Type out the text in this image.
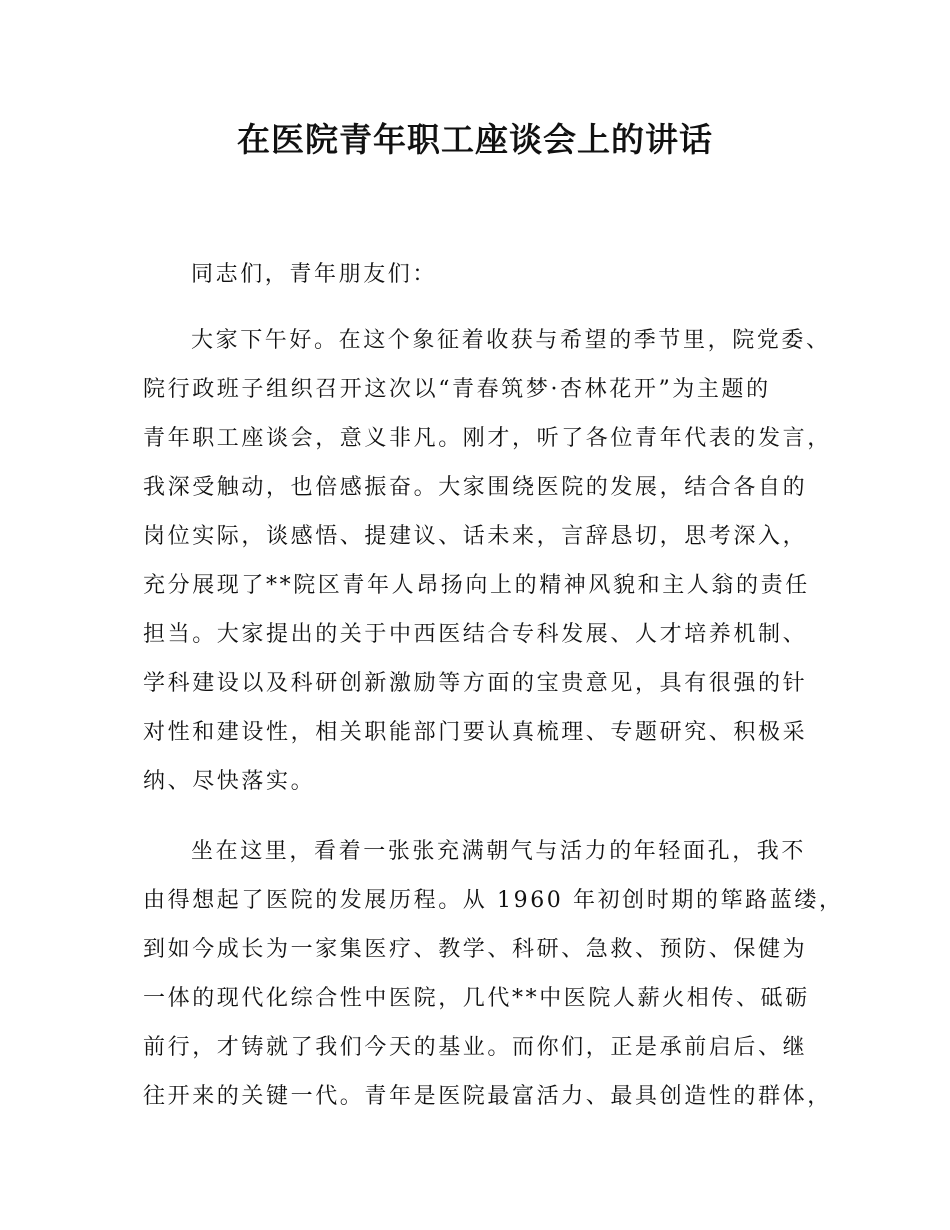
在医院青年职工座谈会上的讲话
同志们，青年朋友们：
大家下午好。在这个象征着收获与希望的季节里，院党委、
院行政班子组织召开这次以“青春筑梦·杏林花开”为主题的
青年职工座谈会，意义非凡。刚才，听了各位青年代表的发言，
我深受触动，也倍感振奋。大家围绕医院的发展，结合各自的
岗位实际，谈感悟、提建议、话未来，言辞恳切，思考深入，
充分展现了**院区青年人昂扬向上的精神风貌和主人翁的责任
担当。大家提出的关于中西医结合专科发展、人才培养机制、
学科建设以及科研创新激励等方面的宝贵意见，具有很强的针
对性和建设性，相关职能部门要认真梳理、专题研究、积极采
纳、尽快落实。
坐在这里，看着一张张充满朝气与活力的年轻面孔，我不
由得想起了医院的发展历程。从 1960 年初创时期的筚路蓝缕，
到如今成长为一家集医疗、教学、科研、急救、预防、保健为
一体的现代化综合性中医院，几代**中医院人薪火相传、砥砺
前行，才铸就了我们今天的基业。而你们，正是承前启后、继
往开来的关键一代。青年是医院最富活力、最具创造性的群体，
